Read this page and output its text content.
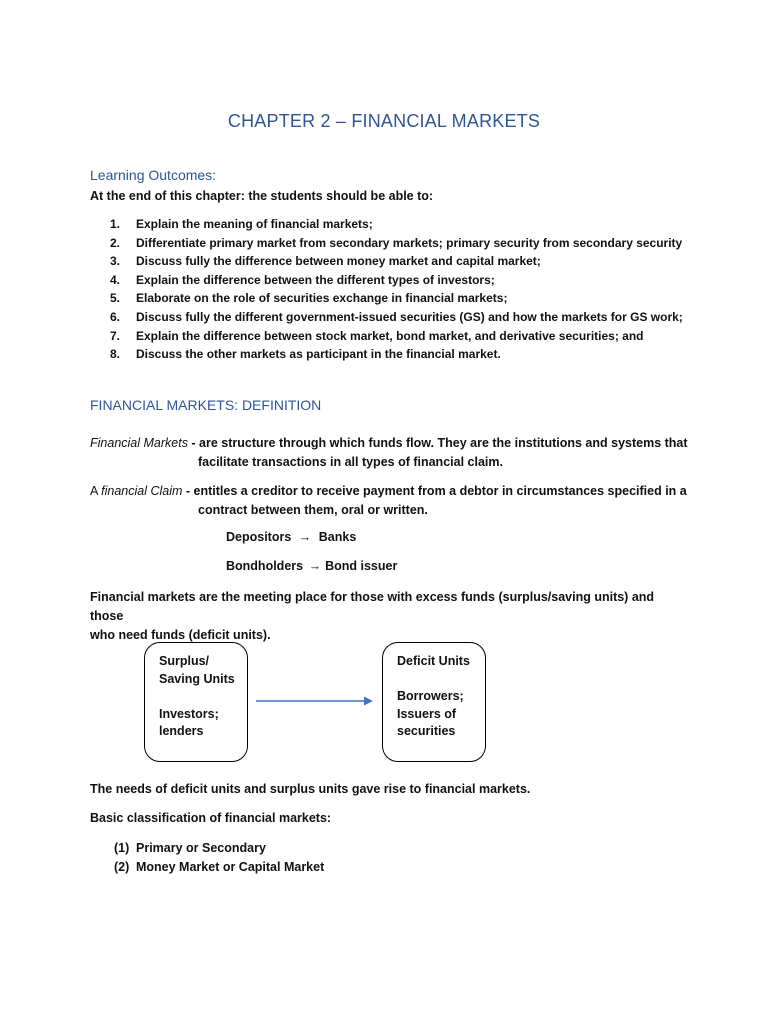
CHAPTER 2 – FINANCIAL MARKETS
Learning Outcomes:
At the end of this chapter: the students should be able to:
1. Explain the meaning of financial markets;
2. Differentiate primary market from secondary markets; primary security from secondary security
3. Discuss fully the difference between money market and capital market;
4. Explain the difference between the different types of investors;
5. Elaborate on the role of securities exchange in financial markets;
6. Discuss fully the different government-issued securities (GS) and how the markets for GS work;
7. Explain the difference between stock market, bond market, and derivative securities; and
8. Discuss the other markets as participant in the financial market.
FINANCIAL MARKETS: DEFINITION
Financial Markets - are structure through which funds flow. They are the institutions and systems that
facilitate transactions in all types of financial claim.
A financial Claim - entitles a creditor to receive payment from a debtor in circumstances specified in a
contract between them, oral or written.
Depositors → Banks
Bondholders → Bond issuer
Financial markets are the meeting place for those with excess funds (surplus/saving units) and those
who need funds (deficit units).
Surplus/
Saving Units
Investors;
lenders
Deficit Units
Borrowers;
Issuers of
securities
The needs of deficit units and surplus units gave rise to financial markets.
Basic classification of financial markets:
(1) Primary or Secondary
(2) Money Market or Capital Market
